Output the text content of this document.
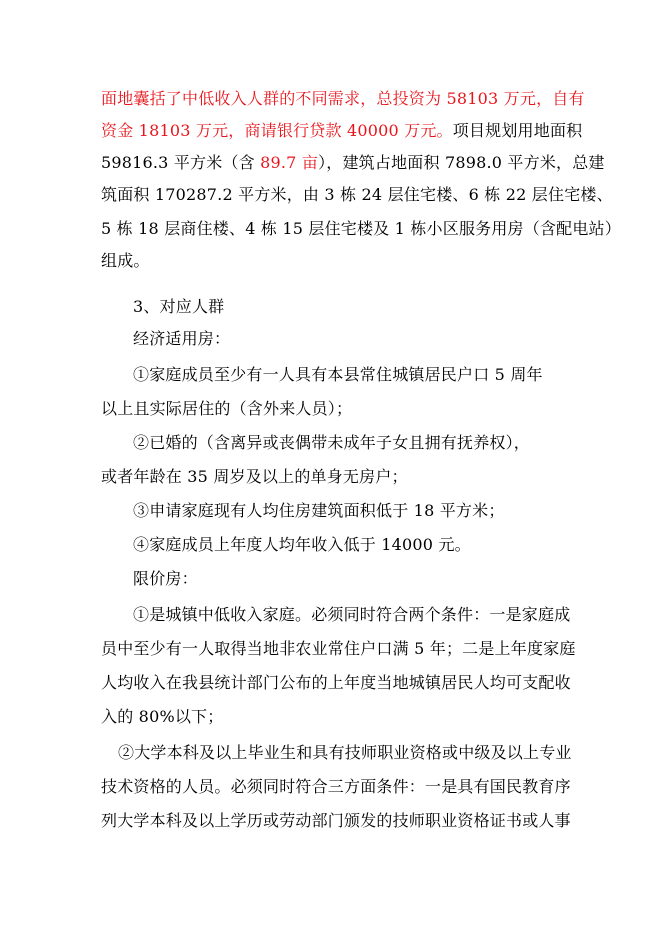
面地囊括了中低收入人群的不同需求，总投资为 58103 万元，自有
资金 18103 万元，商请银行贷款 40000 万元。项目规划用地面积
59816.3 平方米（含 89.7 亩），建筑占地面积 7898.0 平方米，总建
筑面积 170287.2 平方米，由 3 栋 24 层住宅楼、6 栋 22 层住宅楼、
5 栋 18 层商住楼、4 栋 15 层住宅楼及 1 栋小区服务用房（含配电站）
组成。
3、对应人群
经济适用房：
①家庭成员至少有一人具有本县常住城镇居民户口 5 周年
以上且实际居住的（含外来人员）；
②已婚的（含离异或丧偶带未成年子女且拥有抚养权），
或者年龄在 35 周岁及以上的单身无房户；
③申请家庭现有人均住房建筑面积低于 18 平方米；
④家庭成员上年度人均年收入低于 14000 元。
限价房：
①是城镇中低收入家庭。必须同时符合两个条件：一是家庭成
员中至少有一人取得当地非农业常住户口满 5 年；二是上年度家庭
人均收入在我县统计部门公布的上年度当地城镇居民人均可支配收
入的 80%以下；
②大学本科及以上毕业生和具有技师职业资格或中级及以上专业
技术资格的人员。必须同时符合三方面条件：一是具有国民教育序
列大学本科及以上学历或劳动部门颁发的技师职业资格证书或人事
